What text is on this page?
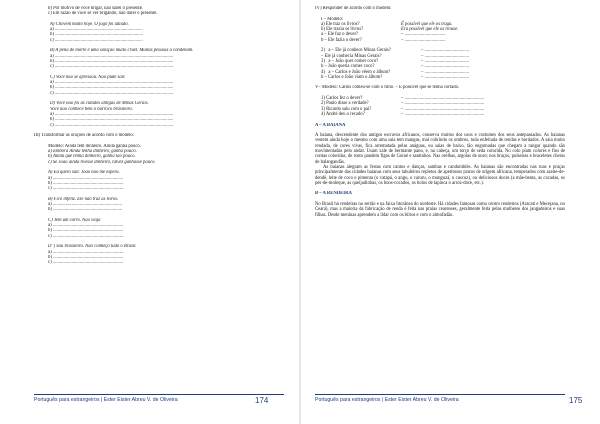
b) Por motivo de você brigar, não darei o presente.
c) Em razão de você se ver brigando, não darei o presente.
A) Chovem muito hoje. O jogo foi adiado.
a) ...........................................................................
b) ...........................................................................
c) ...........................................................................
B) A pena de morte é uma solução muito cruel. Muitas pessoas a condenam.
a) .....................................................................................................
b) .....................................................................................................
c) .....................................................................................................
C) Você não se apressou. Não pude sair.
a) .....................................................................................................
b) .....................................................................................................
c) .....................................................................................................
D) Você não foi às cidades antigas de Minas Gerais.
Você não conhece bem o barroco brasileiro.
a) .....................................................................................................
b) .....................................................................................................
c) .....................................................................................................
III) Transformar as orações de acordo com o modelo:
Modelo: Ainda tem dinheiro. Ainda ganha pouco.
a) Embora Ainda tenha dinheiro, ganha pouco.
b) Ainda que tenha dinheiro, ganha tão pouco.
c) Se João ainda tivesse dinheiro, talvez ganhasse pouco.
A) Eu quero sair. João não me espera.
a) ............................................................
b) ............................................................
c) ............................................................
B) Fico infeliz. Ele não traz as livros.
a) ...........................................................
b) ...........................................................
C) Tem um carro. Não viaja
a) ............................................................
b) ............................................................
c) ............................................................
D' ) Sou brasileiro. Não conheço tudo o Brasil.
a) ............................................................
b) ............................................................
c) ............................................................
Português para estrangeiros | Ester Eister Abreu V. de Oliveira	174
IV) Responder de acordo com o modelo:
I – Modelo:
a) Ele traz os livros?	É possível que ele os traga.
b) Ele trazia os livros?	Era possível que ele os trouxe.
a – Ele faz o dever?	– ...................................
b – Ele fazia o dever?	– ...................................
2)   a – Ele já conhece Minas Gerais?	– ......................................
– Ele já conhecia Minas Gerais?	– ......................................
3)   a – João quer comer coco?	– ......................................
b – João queria comer coco?	– ......................................
4)   a – Carlos e João vêem o álbum?	– ......................................
b – Carlos e João viam o álbum?	– ......................................
V– Modelo: Carlos comeu-se com o filho. – É possível que se tenha cortado.
1) Carlos fez o dever?	– ....................................................................
2) Paulo disse a verdade?	– ....................................................................
3) Ricardo saiu com o pai?	– ....................................................................
4) André deu o recado?	– ....................................................................
A – A BAIANA
A baiana, descendente dos antigos escravos africanos, conserva muitos dos usos e costumes dos seus antepassados. As baianas vestem ainda hoje o mesmo com uma saia tem mangas, mal cobrindo os ombros, toda enfeitada de rendas e bordados. A saia muito rendada, de cores vivas, fica arrematada pelas anáguas, ou saias de baixo, tão engomadas que chegam a rangar quando são movimentadas pelo andar. Usam xale de bermante pano, e, na cabeça, um torço de seda colorida. No colo plam colores e fios de contas coloridas, de rosto pandem figas de Guiné e santinhos. Nas orelhas, argolas de ouro; nos braços, pulseiras e braceletes cheios de balangandãs.
As baianas alegram as festas com cantos e danças, sambas e candomblés. As baianas são encontradas nas ruas e praças principalmente das cidades baianas com seus tabuleiros repletos de apetitosos pratos de origem africana, temperados com azeite-de-dendê, leite de coco e pimenta (o vatapá, o angu, o caruru, o munguzá, o cuscuz), ou deliciosos doces (a mãe-benta, as cocadas, os pés-de-moleque, as queijadinhas, os bons-cocados, os bolos de tapioca o arroz-doce, etc.).
B – A RENDEIRA
No Brasil há rendeiras no sertão e na faixa litorânea do nordeste. Há cidades famosas como centro rendeiros (Aracati e Mecejana, no Ceará), mas a maioria da fabricação de renda é feita nas praias cearenses, geralmente feita pelas mulheres dos jangadeiros e suas filhas. Desde meninas aprendem a lidar com os bilros e com o almofadão.
Português para estrangeiros | Ester Eister Abreu V. de Oliveira	175
